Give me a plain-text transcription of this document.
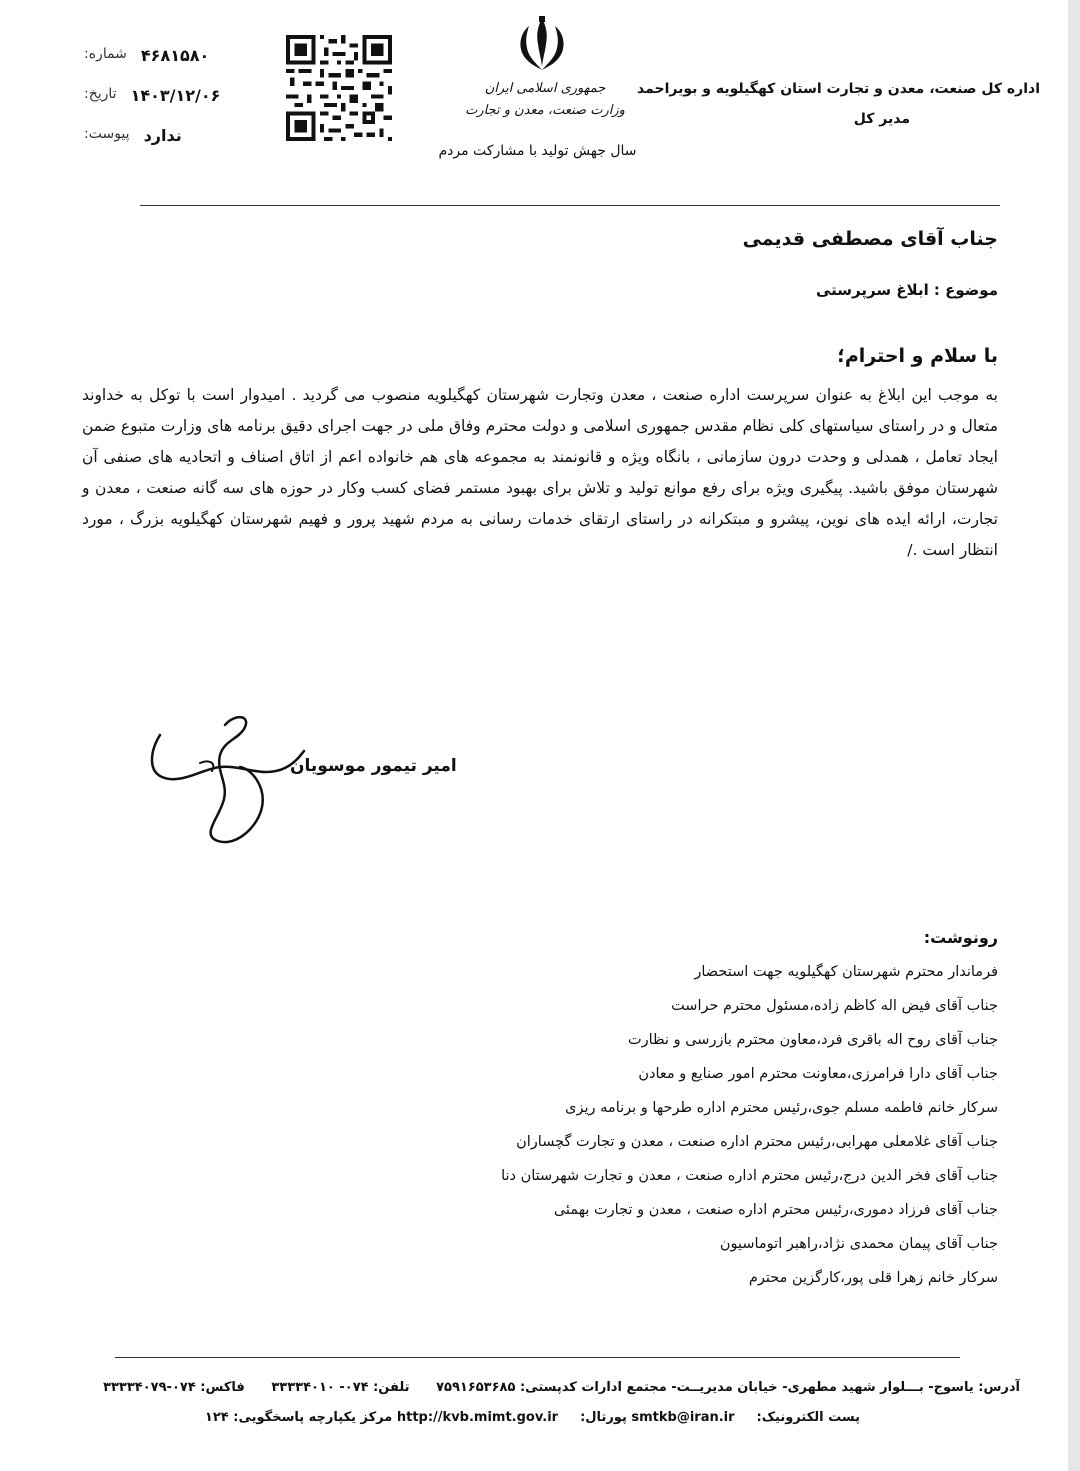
اداره کل صنعت، معدن و تجارت استان کهگیلویه و بویراحمد
مدیر کل
جمهوری اسلامی ایران
وزارت صنعت، معدن و تجارت
سال جهش تولید با مشارکت مردم
شماره: ۴۶۸۱۵۸۰
تاریخ: ۱۴۰۳/۱۲/۰۶
پیوست: ندارد
جناب آقای مصطفی قدیمی
موضوع : ابلاغ سرپرستی
با سلام و احترام؛
به موجب این ابلاغ به عنوان سرپرست اداره صنعت ، معدن وتجارت شهرستان کهگیلویه منصوب می گردید . امیدوار است با توکل به خداوند متعال و در راستای سیاستهای کلی نظام مقدس جمهوری اسلامی و دولت محترم وفاق ملی در جهت اجرای دقیق برنامه های وزارت متبوع ضمن ایجاد تعامل ، همدلی و وحدت درون سازمانی ، بانگاه ویژه و قانونمند به مجموعه های هم خانواده اعم از اتاق اصناف و اتحادیه های صنفی آن شهرستان موفق باشید. پیگیری ویژه برای رفع موانع تولید و تلاش برای بهبود مستمر فضای کسب وکار در حوزه های سه گانه صنعت ، معدن و تجارت، ارائه ایده های نوین، پیشرو و مبتکرانه در راستای ارتقای خدمات رسانی به مردم شهید پرور و فهیم شهرستان کهگیلویه بزرگ ، مورد انتظار است ./
امیر تیمور موسویان
رونوشت:
فرماندار محترم شهرستان کهگیلویه جهت استحضار
جناب آقای فیض اله کاظم زاده،مسئول محترم حراست
جناب آقای روح اله باقری فرد،معاون محترم بازرسی و نظارت
جناب آقای دارا فرامرزی،معاونت محترم امور صنایع و معادن
سرکار خانم فاطمه مسلم جوی،رئیس محترم اداره طرحها و برنامه ریزی
جناب آقای غلامعلی مهرابی،رئیس محترم اداره صنعت ، معدن و تجارت گچساران
جناب آقای فخر الدین درج،رئیس محترم اداره صنعت ، معدن و تجارت شهرستان دنا
جناب آقای فرزاد دموری،رئیس محترم اداره صنعت ، معدن و تجارت بهمئی
جناب آقای پیمان محمدی نژاد،راهبر اتوماسیون
سرکار خانم زهرا قلی پور،کارگزین محترم
آدرس: یاسوج- بـــلوار شهید مطهری- خیابان مدیریــت- مجتمع ادارات کدپستی: ۷۵۹۱۶۵۳۶۸۵ تلفن: ۰۷۴- ۳۳۳۳۴۰۱۰ فاکس: ۰۷۴-۳۳۳۳۴۰۷۹
پست الکترونیک:smtkb@iran.ir پورتال:http://kvb.mimt.gov.ir مرکز یکپارچه پاسخگویی: ۱۲۴
